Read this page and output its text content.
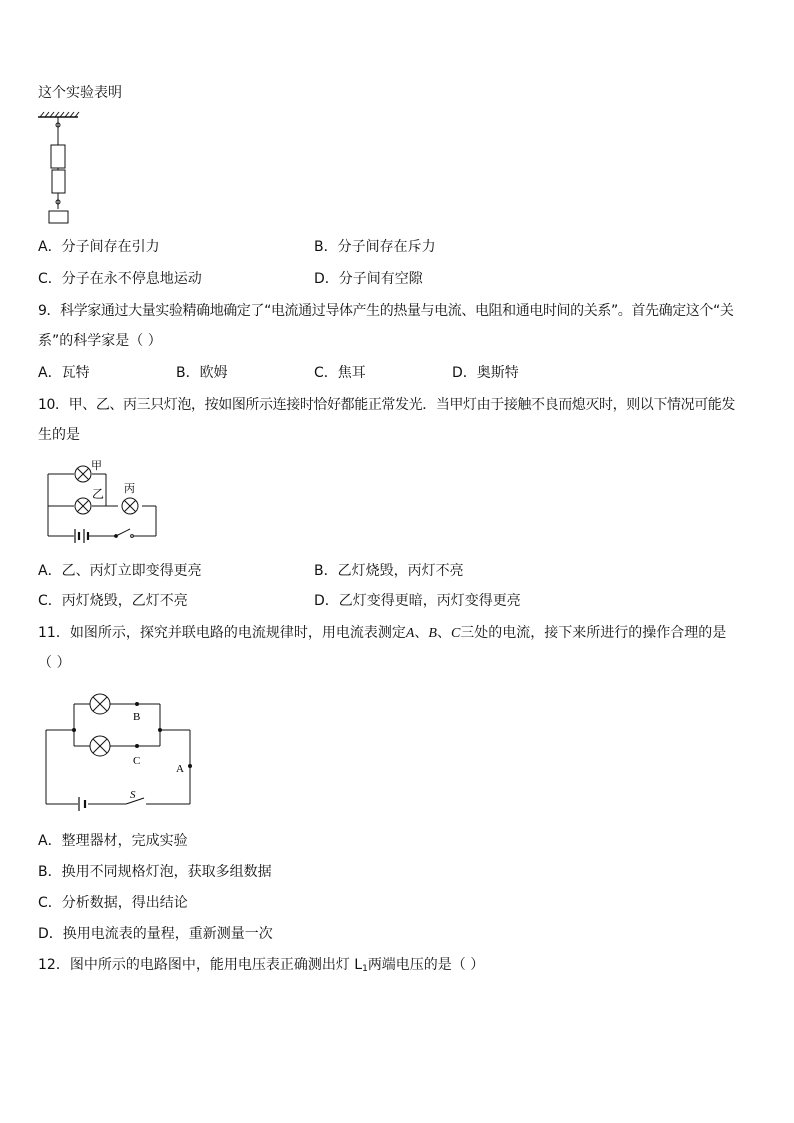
这个实验表明
A．分子间存在引力	B．分子间存在斥力
C．分子在永不停息地运动	D．分子间有空隙
9．科学家通过大量实验精确地确定了“电流通过导体产生的热量与电流、电阻和通电时间的关系”。首先确定这个“关
系”的科学家是（ ）
A．瓦特	B．欧姆	C．焦耳	D．奥斯特
10．甲、乙、丙三只灯泡，按如图所示连接时恰好都能正常发光．当甲灯由于接触不良而熄灭时，则以下情况可能发
生的是
甲
乙 丙
A．乙、丙灯立即变得更亮	B．乙灯烧毁，丙灯不亮
C．丙灯烧毁，乙灯不亮	D．乙灯变得更暗，丙灯变得更亮
11．如图所示，探究并联电路的电流规律时，用电流表测定A、B、C三处的电流，接下来所进行的操作合理的是
（ ）
B
C
A
S
A．整理器材，完成实验
B．换用不同规格灯泡，获取多组数据
C．分析数据，得出结论
D．换用电流表的量程，重新测量一次
12．图中所示的电路图中，能用电压表正确测出灯 $L_1$两端电压的是（ ）
